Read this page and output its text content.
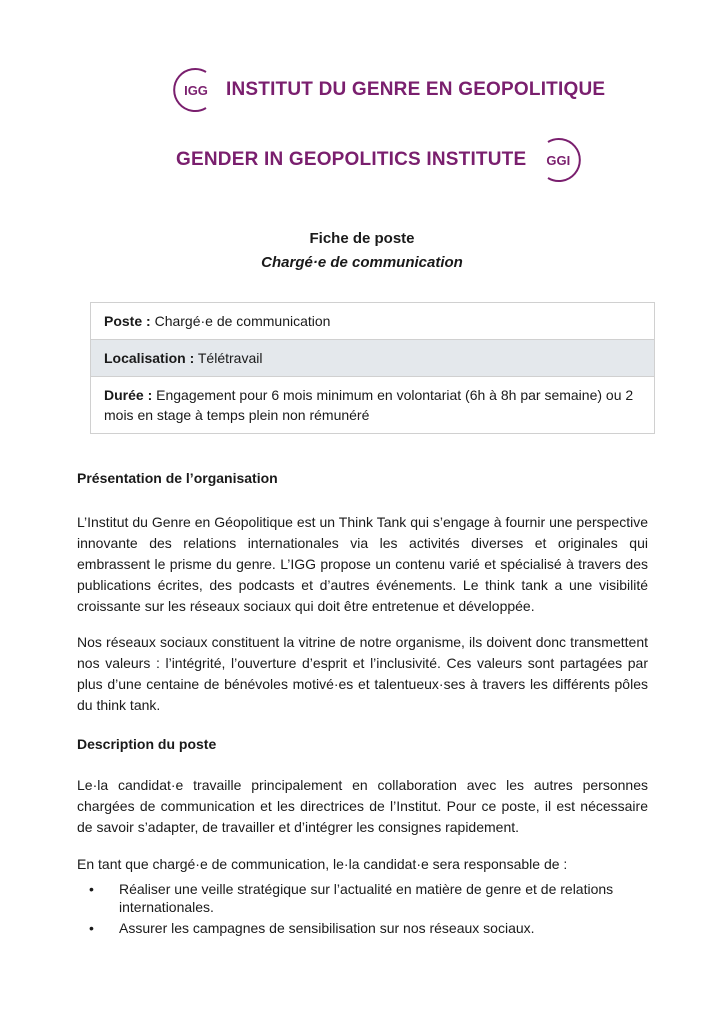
IGG INSTITUT DU GENRE EN GEOPOLITIQUE
GENDER IN GEOPOLITICS INSTITUTE	GGI
Fiche de poste
Chargé·e de communication
Poste : Chargé·e de communication
Localisation : Télétravail
Durée : Engagement pour 6 mois minimum en volontariat (6h à 8h par semaine) ou 2 mois en stage à temps plein non rémunéré
Présentation de l’organisation

L’Institut du Genre en Géopolitique est un Think Tank qui s’engage à fournir une perspective innovante des relations internationales via les activités diverses et originales qui embrassent le prisme du genre. L’IGG propose un contenu varié et spécialisé à travers des publications écrites, des podcasts et d’autres événements. Le think tank a une visibilité croissante sur les réseaux sociaux qui doit être entretenue et développée.

Nos réseaux sociaux constituent la vitrine de notre organisme, ils doivent donc transmettent nos valeurs : l’intégrité, l’ouverture d’esprit et l’inclusivité. Ces valeurs sont partagées par plus d’une centaine de bénévoles motivé·es et talentueux·ses à travers les différents pôles du think tank.

Description du poste

Le·la candidat·e travaille principalement en collaboration avec les autres personnes chargées de communication et les directrices de l’Institut. Pour ce poste, il est nécessaire de savoir s’adapter, de travailler et d’intégrer les consignes rapidement.

En tant que chargé·e de communication, le·la candidat·e sera responsable de :

• Réaliser une veille stratégique sur l’actualité en matière de genre et de relations internationales.
• Assurer les campagnes de sensibilisation sur nos réseaux sociaux.
